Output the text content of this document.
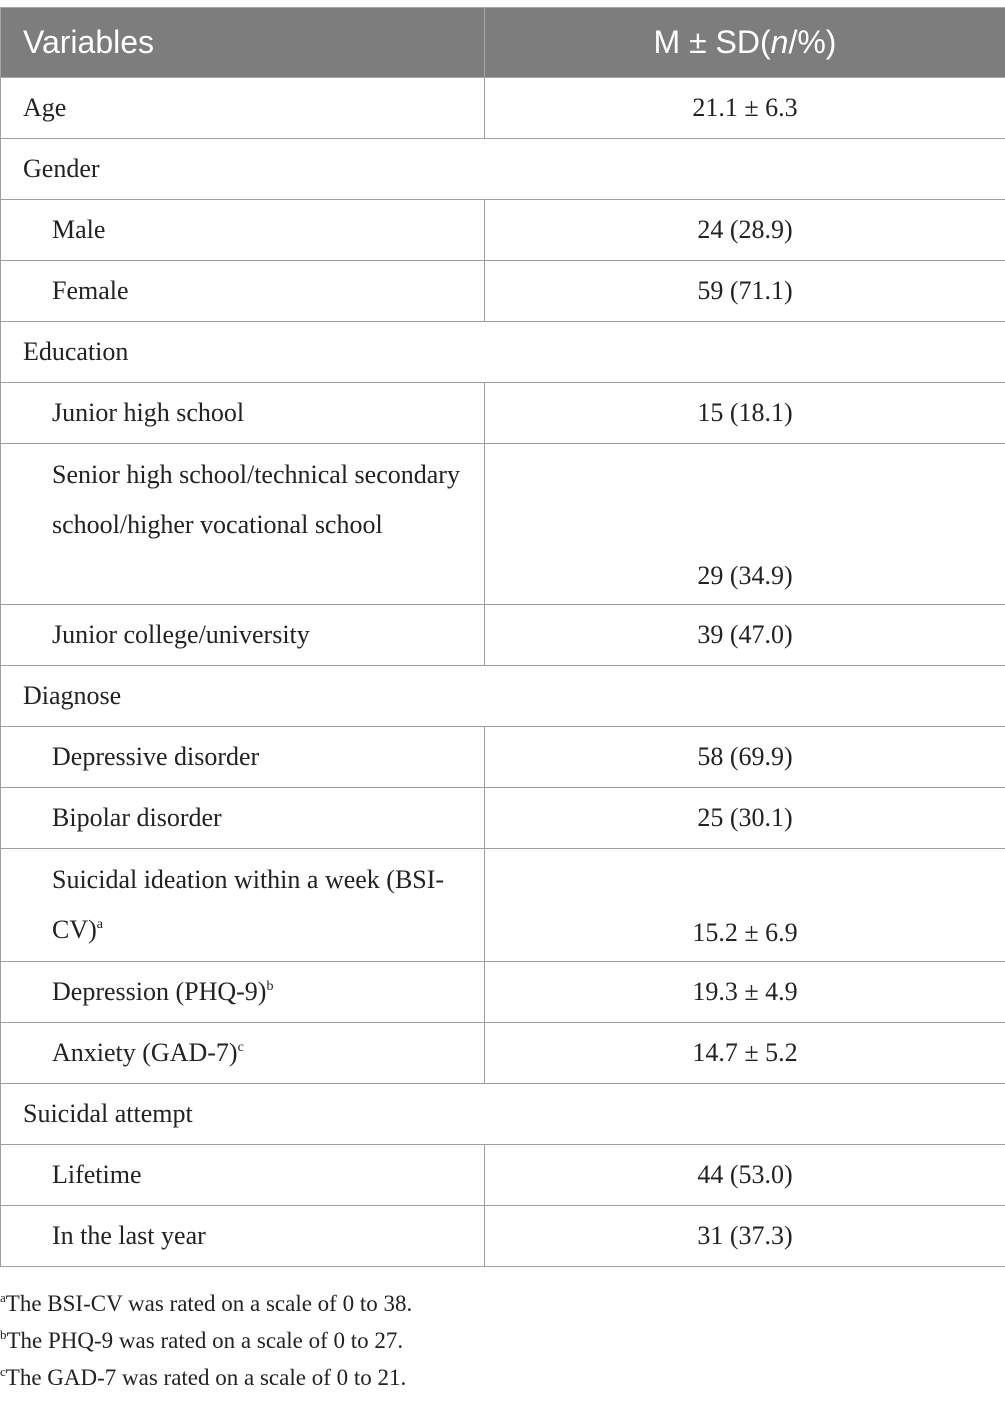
Variables	M ± SD(n/%)
Age	21.1 ± 6.3
Gender	
Male	24 (28.9)
Female	59 (71.1)
Education	
Junior high school	15 (18.1)
Senior high school/technical secondary school/higher vocational school	29 (34.9)
Junior college/university	39 (47.0)
Diagnose	
Depressive disorder	58 (69.9)
Bipolar disorder	25 (30.1)
Suicidal ideation within a week $(BSI-CV)^a$	15.2 ± 6.9
Depression $(PHQ-9)^b$	19.3 ± 4.9
Anxiety $(GAD-7)^c$	14.7 ± 5.2
Suicidal attempt	
Lifetime	44 (53.0)
In the last year	31 (37.3)
$^a$The BSI-CV was rated on a scale of 0 to 38.
$^b$The PHQ-9 was rated on a scale of 0 to 27.
$^c$The GAD-7 was rated on a scale of 0 to 21.
